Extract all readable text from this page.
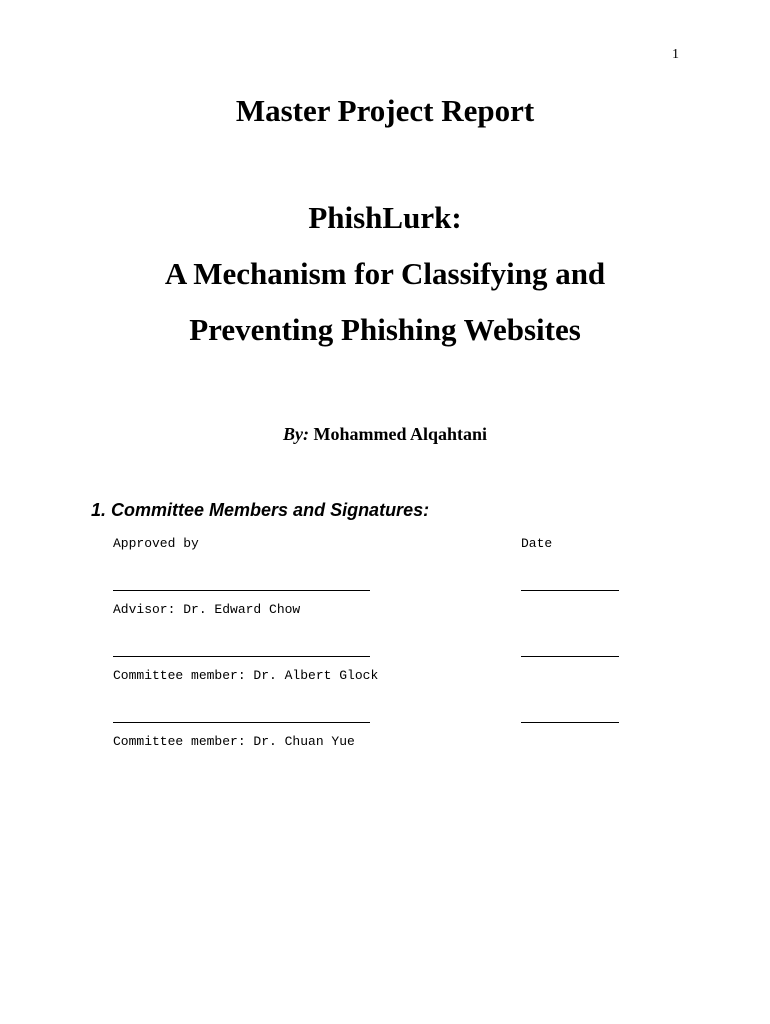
1
Master Project Report
PhishLurk:
A Mechanism for Classifying and
Preventing Phishing Websites
By: Mohammed Alqahtani
1. Committee Members and Signatures:
Approved by	Date
Advisor: Dr. Edward Chow
Committee member: Dr. Albert Glock
Committee member: Dr. Chuan Yue
